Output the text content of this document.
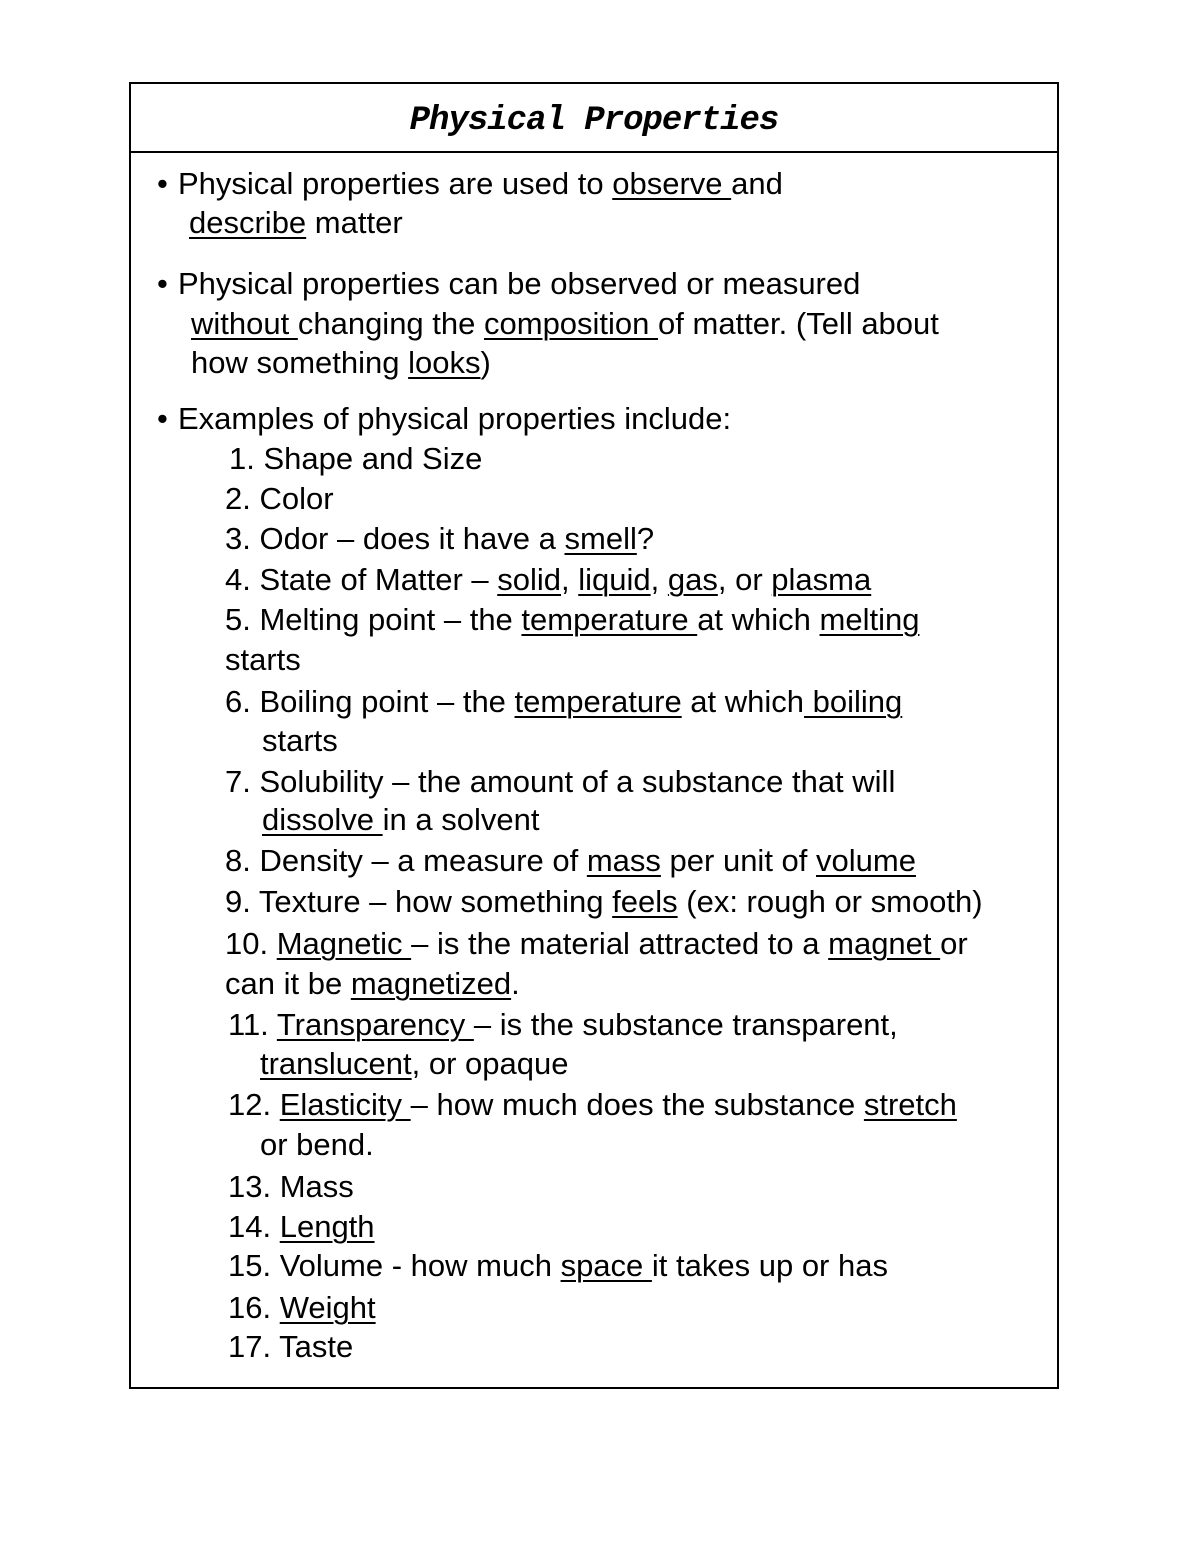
Physical Properties
• Physical properties are used to observe and
describe matter
• Physical properties can be observed or measured
without changing the composition of matter. (Tell about
how something looks)
• Examples of physical properties include:
1. Shape and Size
2. Color
3. Odor – does it have a smell?
4. State of Matter – solid, liquid, gas, or plasma
5. Melting point – the temperature at which melting
starts
6. Boiling point – the temperature at which boiling
starts
7. Solubility – the amount of a substance that will
dissolve in a solvent
8. Density – a measure of mass per unit of volume
9. Texture – how something feels (ex: rough or smooth)
10. Magnetic – is the material attracted to a magnet or
can it be magnetized.
11. Transparency – is the substance transparent,
translucent, or opaque
12. Elasticity – how much does the substance stretch
or bend.
13. Mass
14. Length
15. Volume - how much space it takes up or has
16. Weight
17. Taste
